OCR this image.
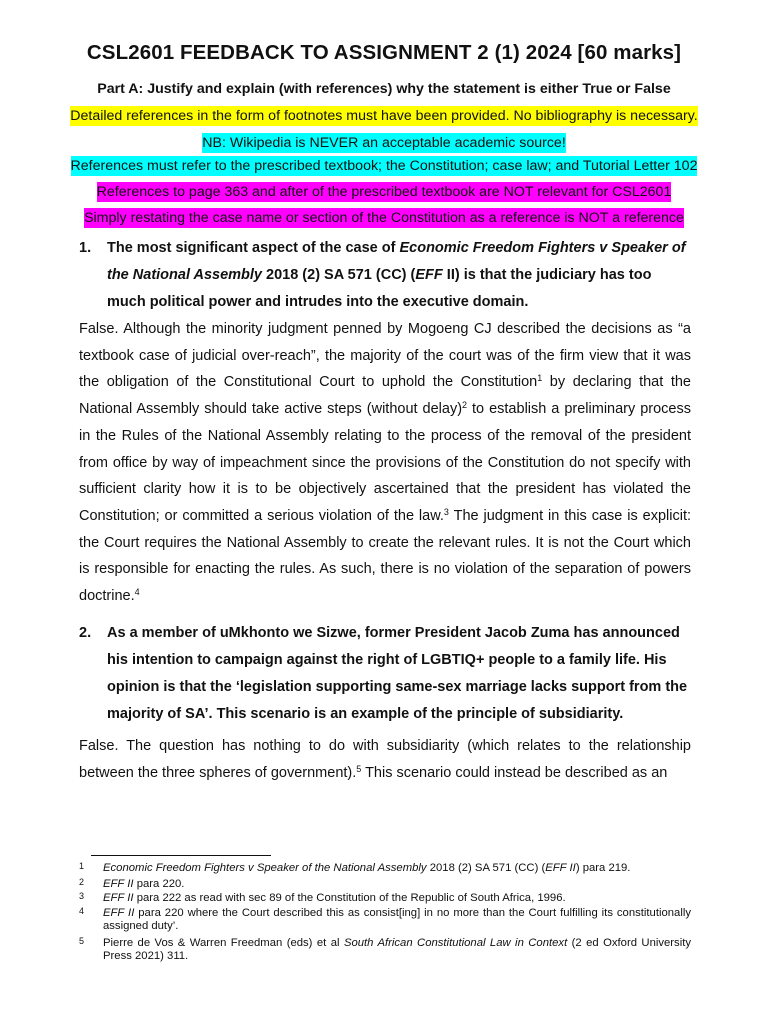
CSL2601 FEEDBACK TO ASSIGNMENT 2 (1) 2024 [60 marks]
Part A: Justify and explain (with references) why the statement is either True or False
Detailed references in the form of footnotes must have been provided. No bibliography is necessary.
NB: Wikipedia is NEVER an acceptable academic source!
References must refer to the prescribed textbook; the Constitution; case law; and Tutorial Letter 102
References to page 363 and after of the prescribed textbook are NOT relevant for CSL2601
Simply restating the case name or section of the Constitution as a reference is NOT a reference
1. The most significant aspect of the case of Economic Freedom Fighters v Speaker of the National Assembly 2018 (2) SA 571 (CC) (EFF II) is that the judiciary has too much political power and intrudes into the executive domain.
False. Although the minority judgment penned by Mogoeng CJ described the decisions as “a textbook case of judicial over-reach”, the majority of the court was of the firm view that it was the obligation of the Constitutional Court to uphold the Constitution$^1$ by declaring that the National Assembly should take active steps (without delay)$^2$ to establish a preliminary process in the Rules of the National Assembly relating to the process of the removal of the president from office by way of impeachment since the provisions of the Constitution do not specify with sufficient clarity how it is to be objectively ascertained that the president has violated the Constitution; or committed a serious violation of the law.$^3$ The judgment in this case is explicit: the Court requires the National Assembly to create the relevant rules. It is not the Court which is responsible for enacting the rules. As such, there is no violation of the separation of powers doctrine.$^4$
2. As a member of uMkhonto we Sizwe, former President Jacob Zuma has announced his intention to campaign against the right of LGBTIQ+ people to a family life. His opinion is that the ‘legislation supporting same-sex marriage lacks support from the majority of SA’. This scenario is an example of the principle of subsidiarity.
False. The question has nothing to do with subsidiarity (which relates to the relationship between the three spheres of government).$^5$ This scenario could instead be described as an
1 Economic Freedom Fighters v Speaker of the National Assembly 2018 (2) SA 571 (CC) (EFF II) para 219.
2 EFF II para 220.
3 EFF II para 222 as read with sec 89 of the Constitution of the Republic of South Africa, 1996.
4 EFF II para 220 where the Court described this as consist[ing] in no more than the Court fulfilling its constitutionally assigned duty’.
5 Pierre de Vos & Warren Freedman (eds) et al South African Constitutional Law in Context (2 ed Oxford University Press 2021) 311.
